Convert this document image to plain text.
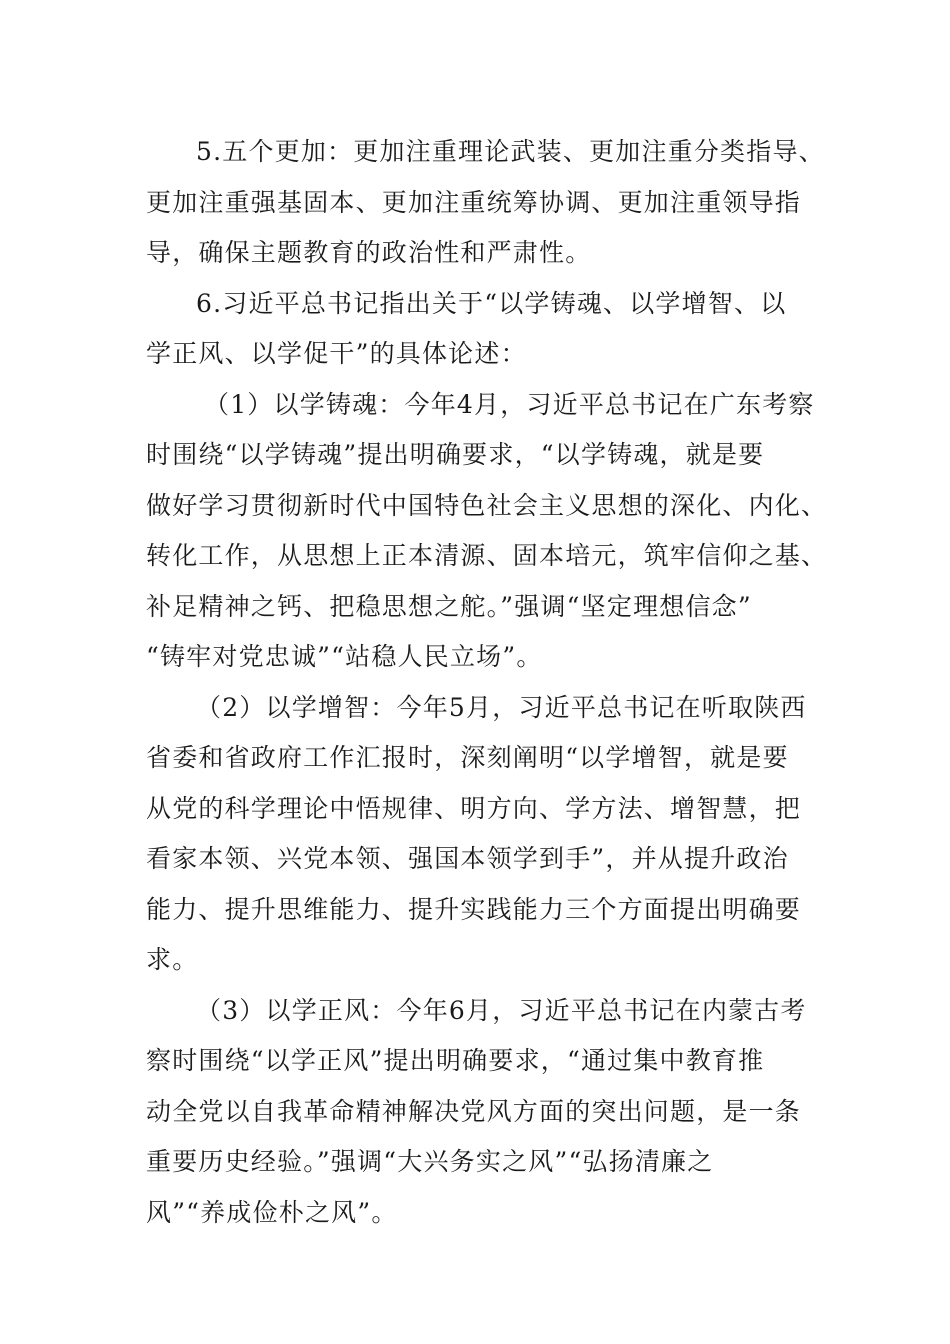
5.五个更加：更加注重理论武装、更加注重分类指导、
更加注重强基固本、更加注重统筹协调、更加注重领导指
导，确保主题教育的政治性和严肃性。
6.习近平总书记指出关于“以学铸魂、以学增智、以
学正风、以学促干”的具体论述：
（1）以学铸魂：今年4月，习近平总书记在广东考察
时围绕“以学铸魂”提出明确要求，“以学铸魂，就是要
做好学习贯彻新时代中国特色社会主义思想的深化、内化、
转化工作，从思想上正本清源、固本培元，筑牢信仰之基、
补足精神之钙、把稳思想之舵。”强调“坚定理想信念”
“铸牢对党忠诚”“站稳人民立场”。
（2）以学增智：今年5月，习近平总书记在听取陕西
省委和省政府工作汇报时，深刻阐明“以学增智，就是要
从党的科学理论中悟规律、明方向、学方法、增智慧，把
看家本领、兴党本领、强国本领学到手”，并从提升政治
能力、提升思维能力、提升实践能力三个方面提出明确要
求。
（3）以学正风：今年6月，习近平总书记在内蒙古考
察时围绕“以学正风”提出明确要求，“通过集中教育推
动全党以自我革命精神解决党风方面的突出问题，是一条
重要历史经验。”强调“大兴务实之风”“弘扬清廉之
风”“养成俭朴之风”。
